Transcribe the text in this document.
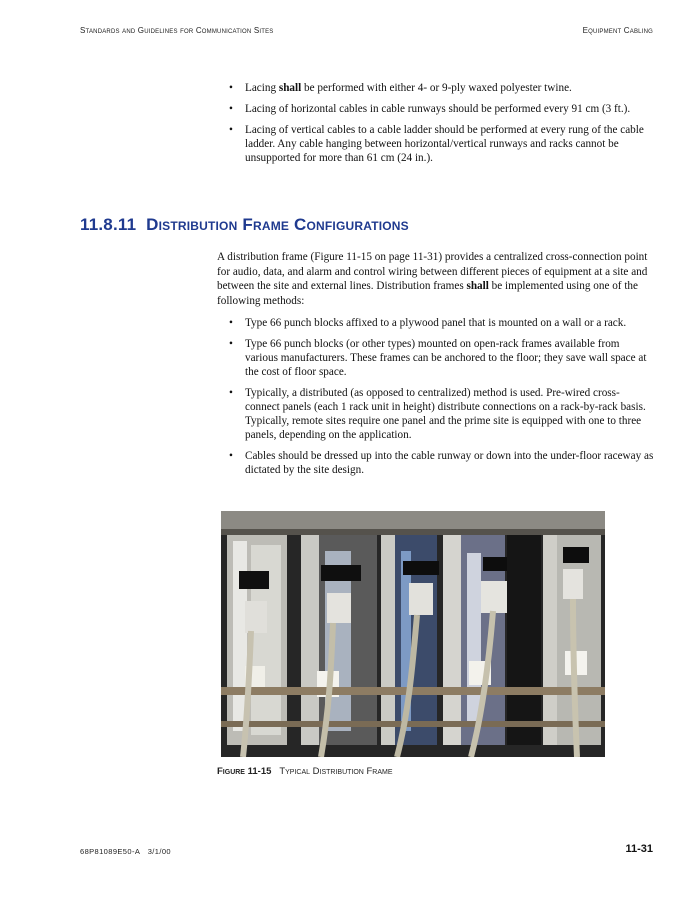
Standards and Guidelines for Communication Sites	Equipment Cabling
• Lacing shall be performed with either 4- or 9-ply waxed polyester twine.
• Lacing of horizontal cables in cable runways should be performed every 91 cm (3 ft.).
• Lacing of vertical cables to a cable ladder should be performed at every rung of the cable ladder. Any cable hanging between horizontal/vertical runways and racks cannot be unsupported for more than 61 cm (24 in.).
11.8.11 Distribution Frame Configurations

A distribution frame (Figure 11-15 on page 11-31) provides a centralized cross-connection point for audio, data, and alarm and control wiring between different pieces of equipment at a site and between the site and external lines. Distribution frames shall be implemented using one of the following methods:

• Type 66 punch blocks affixed to a plywood panel that is mounted on a wall or a rack.
• Type 66 punch blocks (or other types) mounted on open-rack frames available from various manufacturers. These frames can be anchored to the floor; they save wall space at the cost of floor space.
• Typically, a distributed (as opposed to centralized) method is used. Pre-wired cross-connect panels (each 1 rack unit in height) distribute connections on a rack-by-rack basis. Typically, remote sites require one panel and the prime site is equipped with one to three panels, depending on the application.
• Cables should be dressed up into the cable runway or down into the under-floor raceway as dictated by the site design.
Figure 11-15 Typical Distribution Frame
68P81089E50-A 3/1/00	11-31
